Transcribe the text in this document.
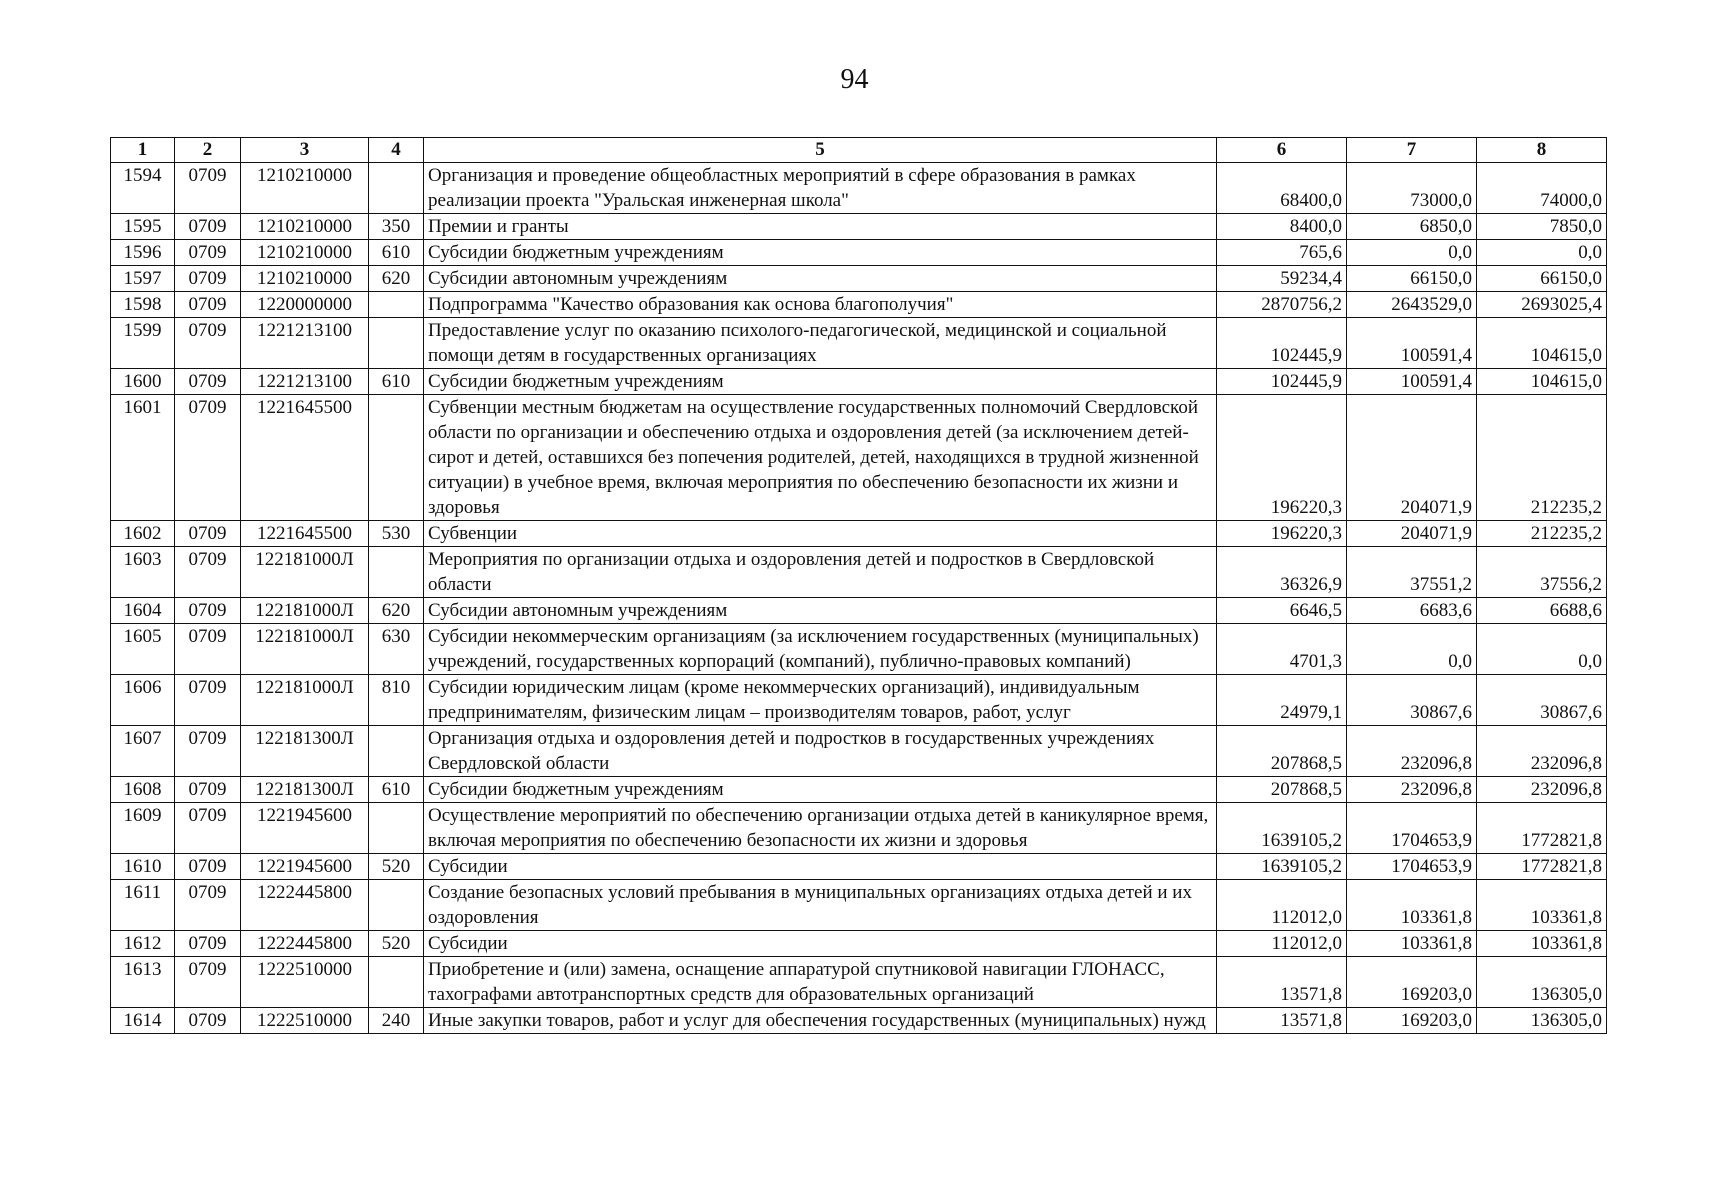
94
1	2	3	4	5	6	7	8
1594	0709	1210210000		Организация и проведение общеобластных мероприятий в сфере образования в рамках реализации проекта "Уральская инженерная школа"	68400,0	73000,0	74000,0
1595	0709	1210210000	350	Премии и гранты	8400,0	6850,0	7850,0
1596	0709	1210210000	610	Субсидии бюджетным учреждениям	765,6	0,0	0,0
1597	0709	1210210000	620	Субсидии автономным учреждениям	59234,4	66150,0	66150,0
1598	0709	1220000000		Подпрограмма "Качество образования как основа благополучия"	2870756,2	2643529,0	2693025,4
1599	0709	1221213100		Предоставление услуг по оказанию психолого-педагогической, медицинской и социальной помощи детям в государственных организациях	102445,9	100591,4	104615,0
1600	0709	1221213100	610	Субсидии бюджетным учреждениям	102445,9	100591,4	104615,0
1601	0709	1221645500		Субвенции местным бюджетам на осуществление государственных полномочий Свердловской области по организации и обеспечению отдыха и оздоровления детей (за исключением детей-сирот и детей, оставшихся без попечения родителей, детей, находящихся в трудной жизненной ситуации) в учебное время, включая мероприятия по обеспечению безопасности их жизни и здоровья	196220,3	204071,9	212235,2
1602	0709	1221645500	530	Субвенции	196220,3	204071,9	212235,2
1603	0709	122181000Л		Мероприятия по организации отдыха и оздоровления детей и подростков в Свердловской области	36326,9	37551,2	37556,2
1604	0709	122181000Л	620	Субсидии автономным учреждениям	6646,5	6683,6	6688,6
1605	0709	122181000Л	630	Субсидии некоммерческим организациям (за исключением государственных (муниципальных) учреждений, государственных корпораций (компаний), публично-правовых компаний)	4701,3	0,0	0,0
1606	0709	122181000Л	810	Субсидии юридическим лицам (кроме некоммерческих организаций), индивидуальным предпринимателям, физическим лицам – производителям товаров, работ, услуг	24979,1	30867,6	30867,6
1607	0709	122181300Л		Организация отдыха и оздоровления детей и подростков в государственных учреждениях Свердловской области	207868,5	232096,8	232096,8
1608	0709	122181300Л	610	Субсидии бюджетным учреждениям	207868,5	232096,8	232096,8
1609	0709	1221945600		Осуществление мероприятий по обеспечению организации отдыха детей в каникулярное время, включая мероприятия по обеспечению безопасности их жизни и здоровья	1639105,2	1704653,9	1772821,8
1610	0709	1221945600	520	Субсидии	1639105,2	1704653,9	1772821,8
1611	0709	1222445800		Создание безопасных условий пребывания в муниципальных организациях отдыха детей и их оздоровления	112012,0	103361,8	103361,8
1612	0709	1222445800	520	Субсидии	112012,0	103361,8	103361,8
1613	0709	1222510000		Приобретение и (или) замена, оснащение аппаратурой спутниковой навигации ГЛОНАСС, тахографами автотранспортных средств для образовательных организаций	13571,8	169203,0	136305,0
1614	0709	1222510000	240	Иные закупки товаров, работ и услуг для обеспечения государственных (муниципальных) нужд	13571,8	169203,0	136305,0
